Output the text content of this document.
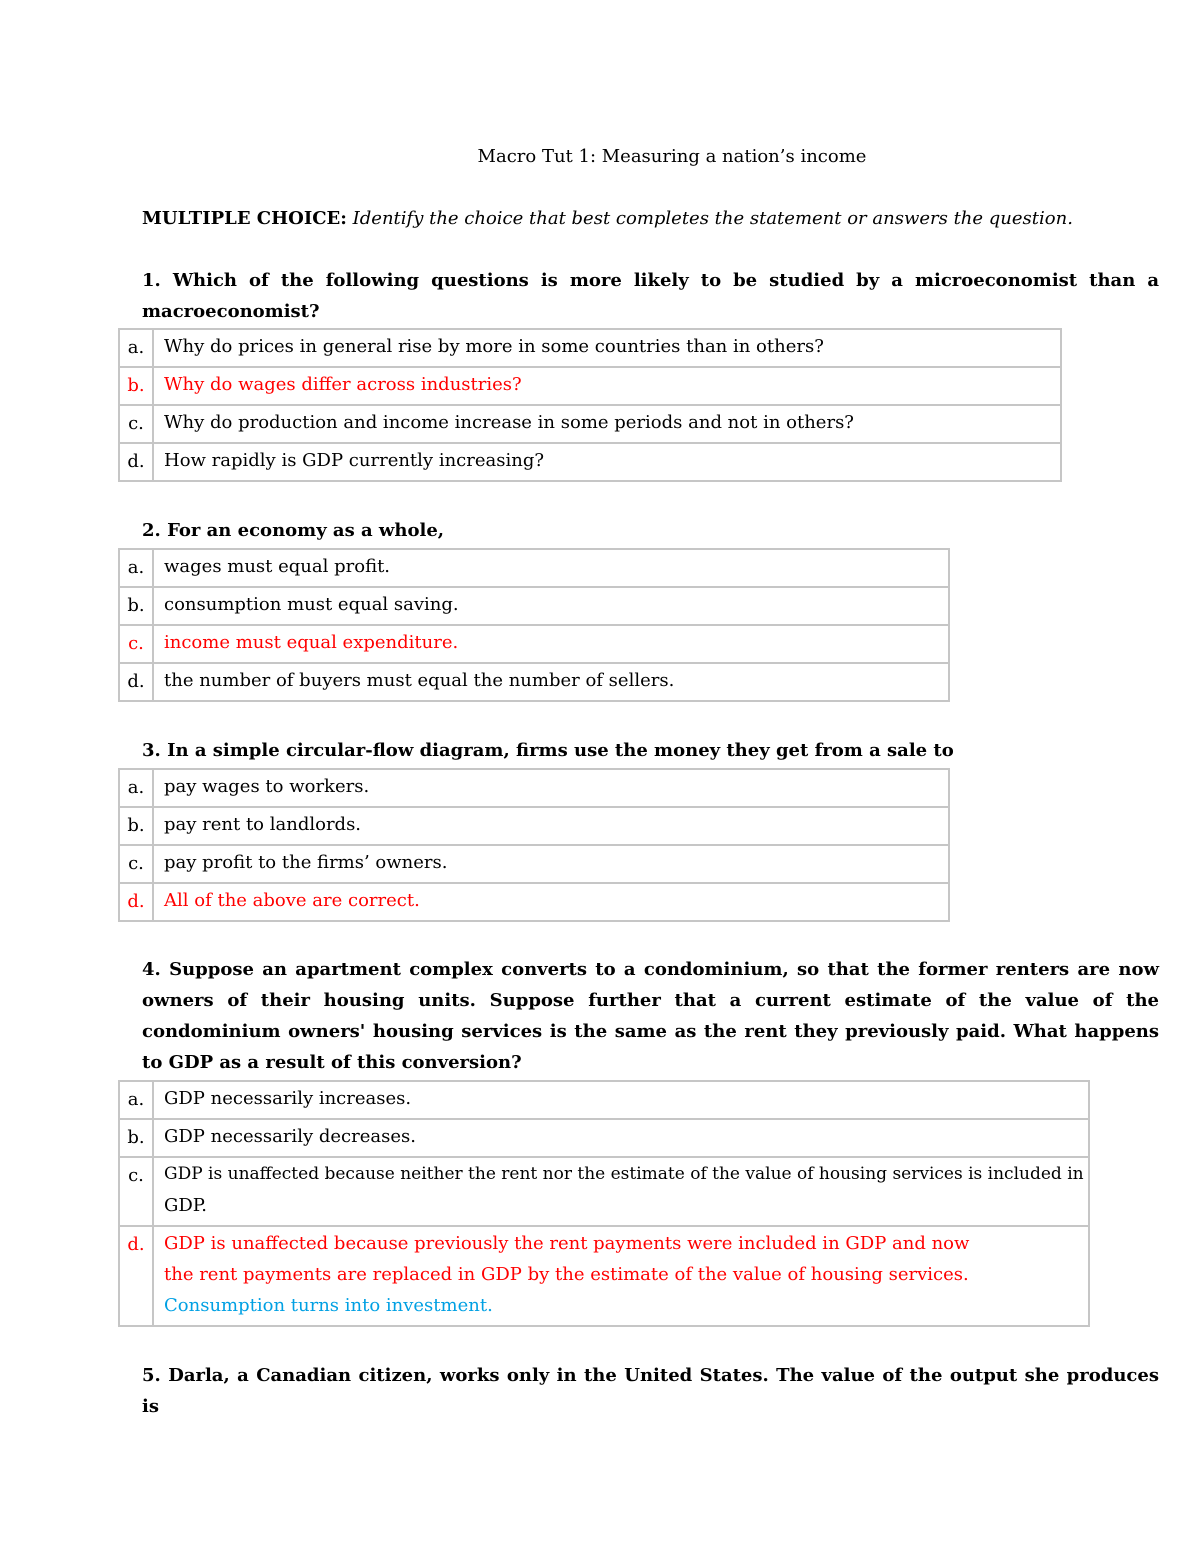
Macro Tut 1: Measuring a nation’s income
MULTIPLE CHOICE: Identify the choice that best completes the statement or answers the question.
1. Which of the following questions is more likely to be studied by a microeconomist than a macroeconomist?
a.	Why do prices in general rise by more in some countries than in others?

b.	Why do wages differ across industries?

c.	Why do production and income increase in some periods and not in others?

d.	How rapidly is GDP currently increasing?
2. For an economy as a whole,
a.	wages must equal profit.

b.	consumption must equal saving.

c.	income must equal expenditure.

d.	the number of buyers must equal the number of sellers.
3. In a simple circular-flow diagram, firms use the money they get from a sale to
a.	pay wages to workers.

b.	pay rent to landlords.

c.	pay profit to the firms’ owners.

d.	All of the above are correct.
4. Suppose an apartment complex converts to a condominium, so that the former renters are now owners of their housing units. Suppose further that a current estimate of the value of the condominium owners' housing services is the same as the rent they previously paid. What happens to GDP as a result of this conversion?
a.	GDP necessarily increases.

b.	GDP necessarily decreases.

c.	GDP is unaffected because neither the rent nor the estimate of the value of housing services is included in
GDP.

d.	GDP is unaffected because previously the rent payments were included in GDP and now
the rent payments are replaced in GDP by the estimate of the value of housing services.
Consumption turns into investment.
5. Darla, a Canadian citizen, works only in the United States. The value of the output she produces is
